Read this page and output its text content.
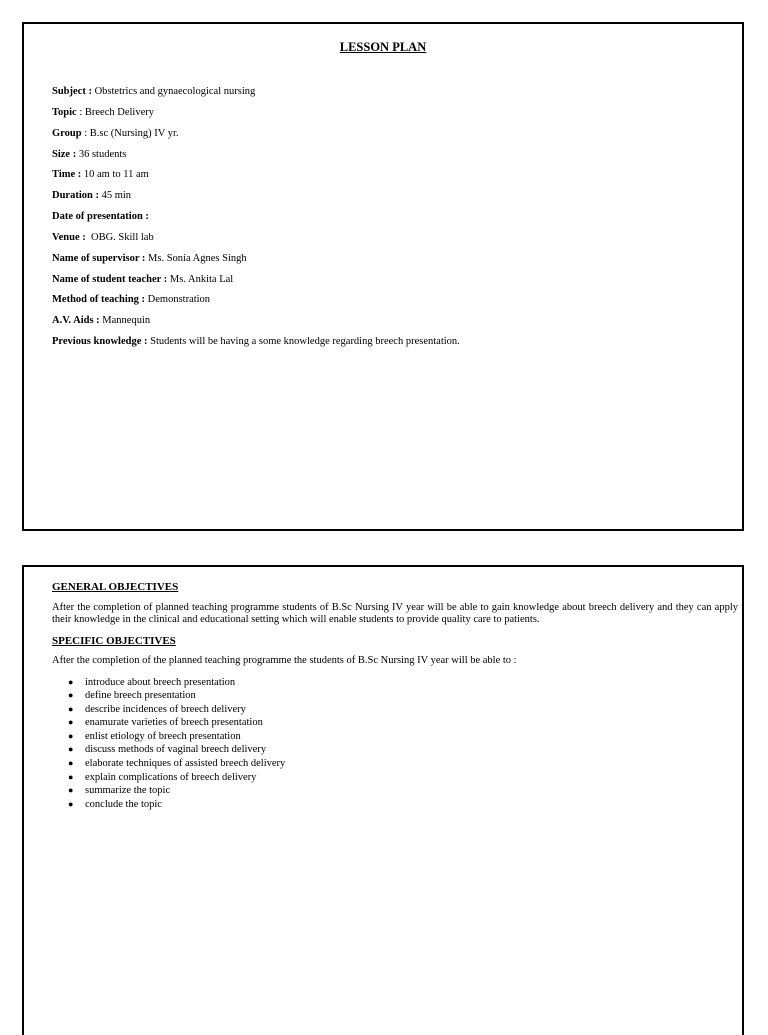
LESSON PLAN
Subject : Obstetrics and gynaecological nursing
Topic : Breech Delivery
Group : B.sc (Nursing) IV yr.
Size : 36 students
Time : 10 am to 11 am
Duration : 45 min
Date of presentation :
Venue :  OBG. Skill lab
Name of supervisor : Ms. Sonia Agnes Singh
Name of student teacher : Ms. Ankita Lal
Method of teaching : Demonstration
A.V. Aids : Mannequin
Previous knowledge : Students will be having a some knowledge regarding breech presentation.

GENERAL OBJECTIVES

After the completion of planned teaching programme students of B.Sc Nursing IV year will be able to gain knowledge about breech delivery and they can apply their knowledge in the clinical and educational setting which will enable students to provide quality care to patients.

SPECIFIC OBJECTIVES

After the completion of the planned teaching programme the students of B.Sc Nursing IV year will be able to :

● introduce about breech presentation
● define breech presentation
● describe incidences of breech delivery
● enamurate varieties of breech presentation
● enlist etiology of breech presentation
● discuss methods of vaginal breech delivery
● elaborate techniques of assisted breech delivery
● explain complications of breech delivery
● summarize the topic
● conclude the topic
